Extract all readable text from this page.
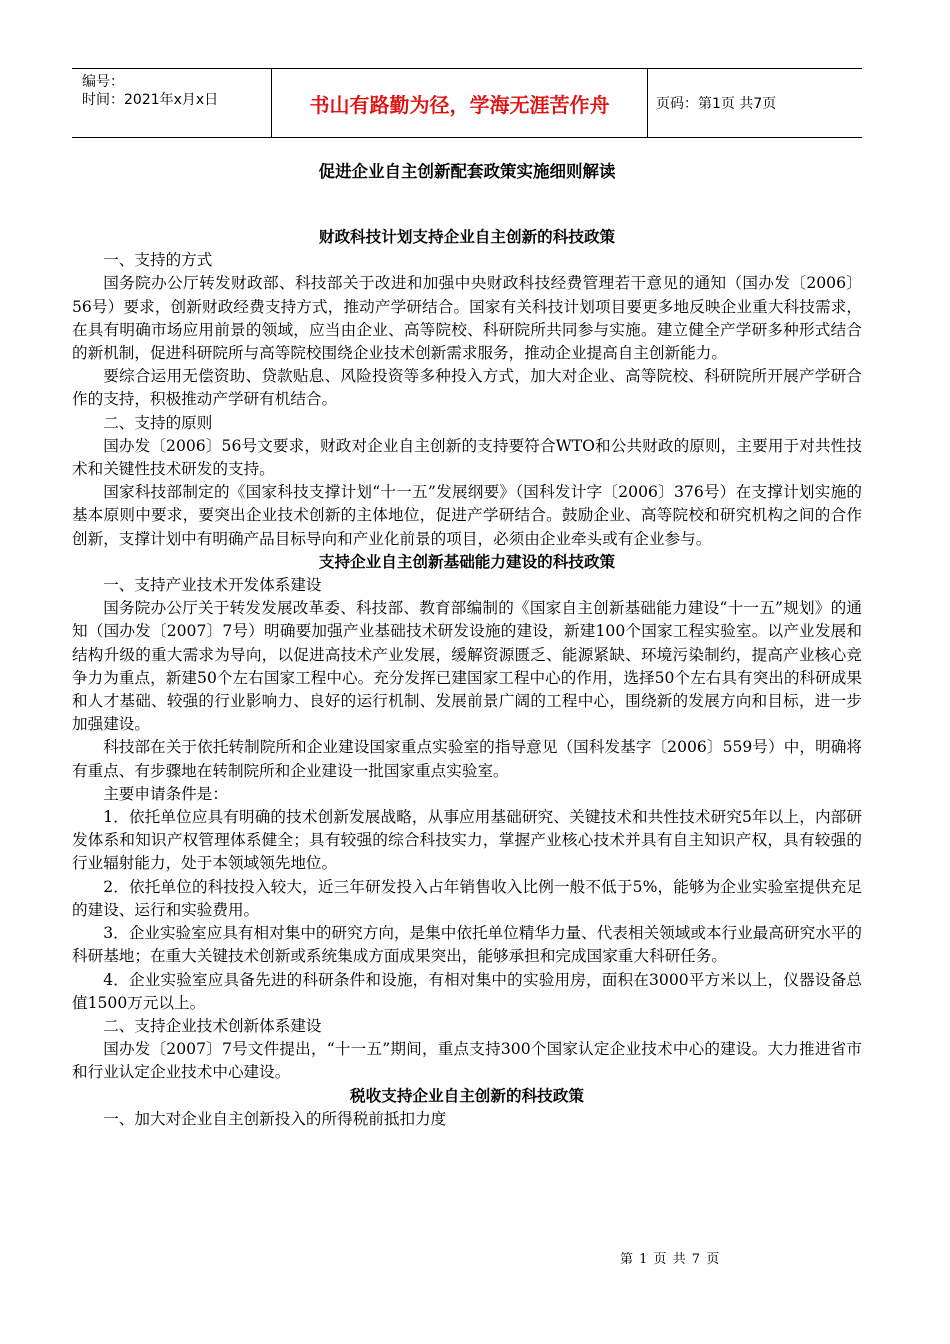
编号：
时间：2021年x月x日	书山有路勤为径，学海无涯苦作舟	页码：第1页 共7页
促进企业自主创新配套政策实施细则解读
财政科技计划支持企业自主创新的科技政策

一、支持的方式

国务院办公厅转发财政部、科技部关于改进和加强中央财政科技经费管理若干意见的通知（国办发〔2006〕56号）要求，创新财政经费支持方式，推动产学研结合。国家有关科技计划项目要更多地反映企业重大科技需求，在具有明确市场应用前景的领域，应当由企业、高等院校、科研院所共同参与实施。建立健全产学研多种形式结合的新机制，促进科研院所与高等院校围绕企业技术创新需求服务，推动企业提高自主创新能力。

要综合运用无偿资助、贷款贴息、风险投资等多种投入方式，加大对企业、高等院校、科研院所开展产学研合作的支持，积极推动产学研有机结合。

二、支持的原则

国办发〔2006〕56号文要求，财政对企业自主创新的支持要符合WTO和公共财政的原则，主要用于对共性技术和关键性技术研发的支持。

国家科技部制定的《国家科技支撑计划“十一五”发展纲要》（国科发计字〔2006〕376号）在支撑计划实施的基本原则中要求，要突出企业技术创新的主体地位，促进产学研结合。鼓励企业、高等院校和研究机构之间的合作创新，支撑计划中有明确产品目标导向和产业化前景的项目，必须由企业牵头或有企业参与。

支持企业自主创新基础能力建设的科技政策

一、支持产业技术开发体系建设

国务院办公厅关于转发发展改革委、科技部、教育部编制的《国家自主创新基础能力建设“十一五”规划》的通知（国办发〔2007〕7号）明确要加强产业基础技术研发设施的建设，新建100个国家工程实验室。以产业发展和结构升级的重大需求为导向，以促进高技术产业发展，缓解资源匮乏、能源紧缺、环境污染制约，提高产业核心竞争力为重点，新建50个左右国家工程中心。充分发挥已建国家工程中心的作用，选择50个左右具有突出的科研成果和人才基础、较强的行业影响力、良好的运行机制、发展前景广阔的工程中心，围绕新的发展方向和目标，进一步加强建设。

科技部在关于依托转制院所和企业建设国家重点实验室的指导意见（国科发基字〔2006〕559号）中，明确将有重点、有步骤地在转制院所和企业建设一批国家重点实验室。

主要申请条件是：

1．依托单位应具有明确的技术创新发展战略，从事应用基础研究、关键技术和共性技术研究5年以上，内部研发体系和知识产权管理体系健全；具有较强的综合科技实力，掌握产业核心技术并具有自主知识产权，具有较强的行业辐射能力，处于本领域领先地位。

2．依托单位的科技投入较大，近三年研发投入占年销售收入比例一般不低于5%，能够为企业实验室提供充足的建设、运行和实验费用。

3．企业实验室应具有相对集中的研究方向，是集中依托单位精华力量、代表相关领域或本行业最高研究水平的科研基地；在重大关键技术创新或系统集成方面成果突出，能够承担和完成国家重大科研任务。

4．企业实验室应具备先进的科研条件和设施，有相对集中的实验用房，面积在3000平方米以上，仪器设备总值1500万元以上。

二、支持企业技术创新体系建设

国办发〔2007〕7号文件提出，“十一五”期间，重点支持300个国家认定企业技术中心的建设。大力推进省市和行业认定企业技术中心建设。

税收支持企业自主创新的科技政策

一、加大对企业自主创新投入的所得税前抵扣力度

第 1 页 共 7 页
